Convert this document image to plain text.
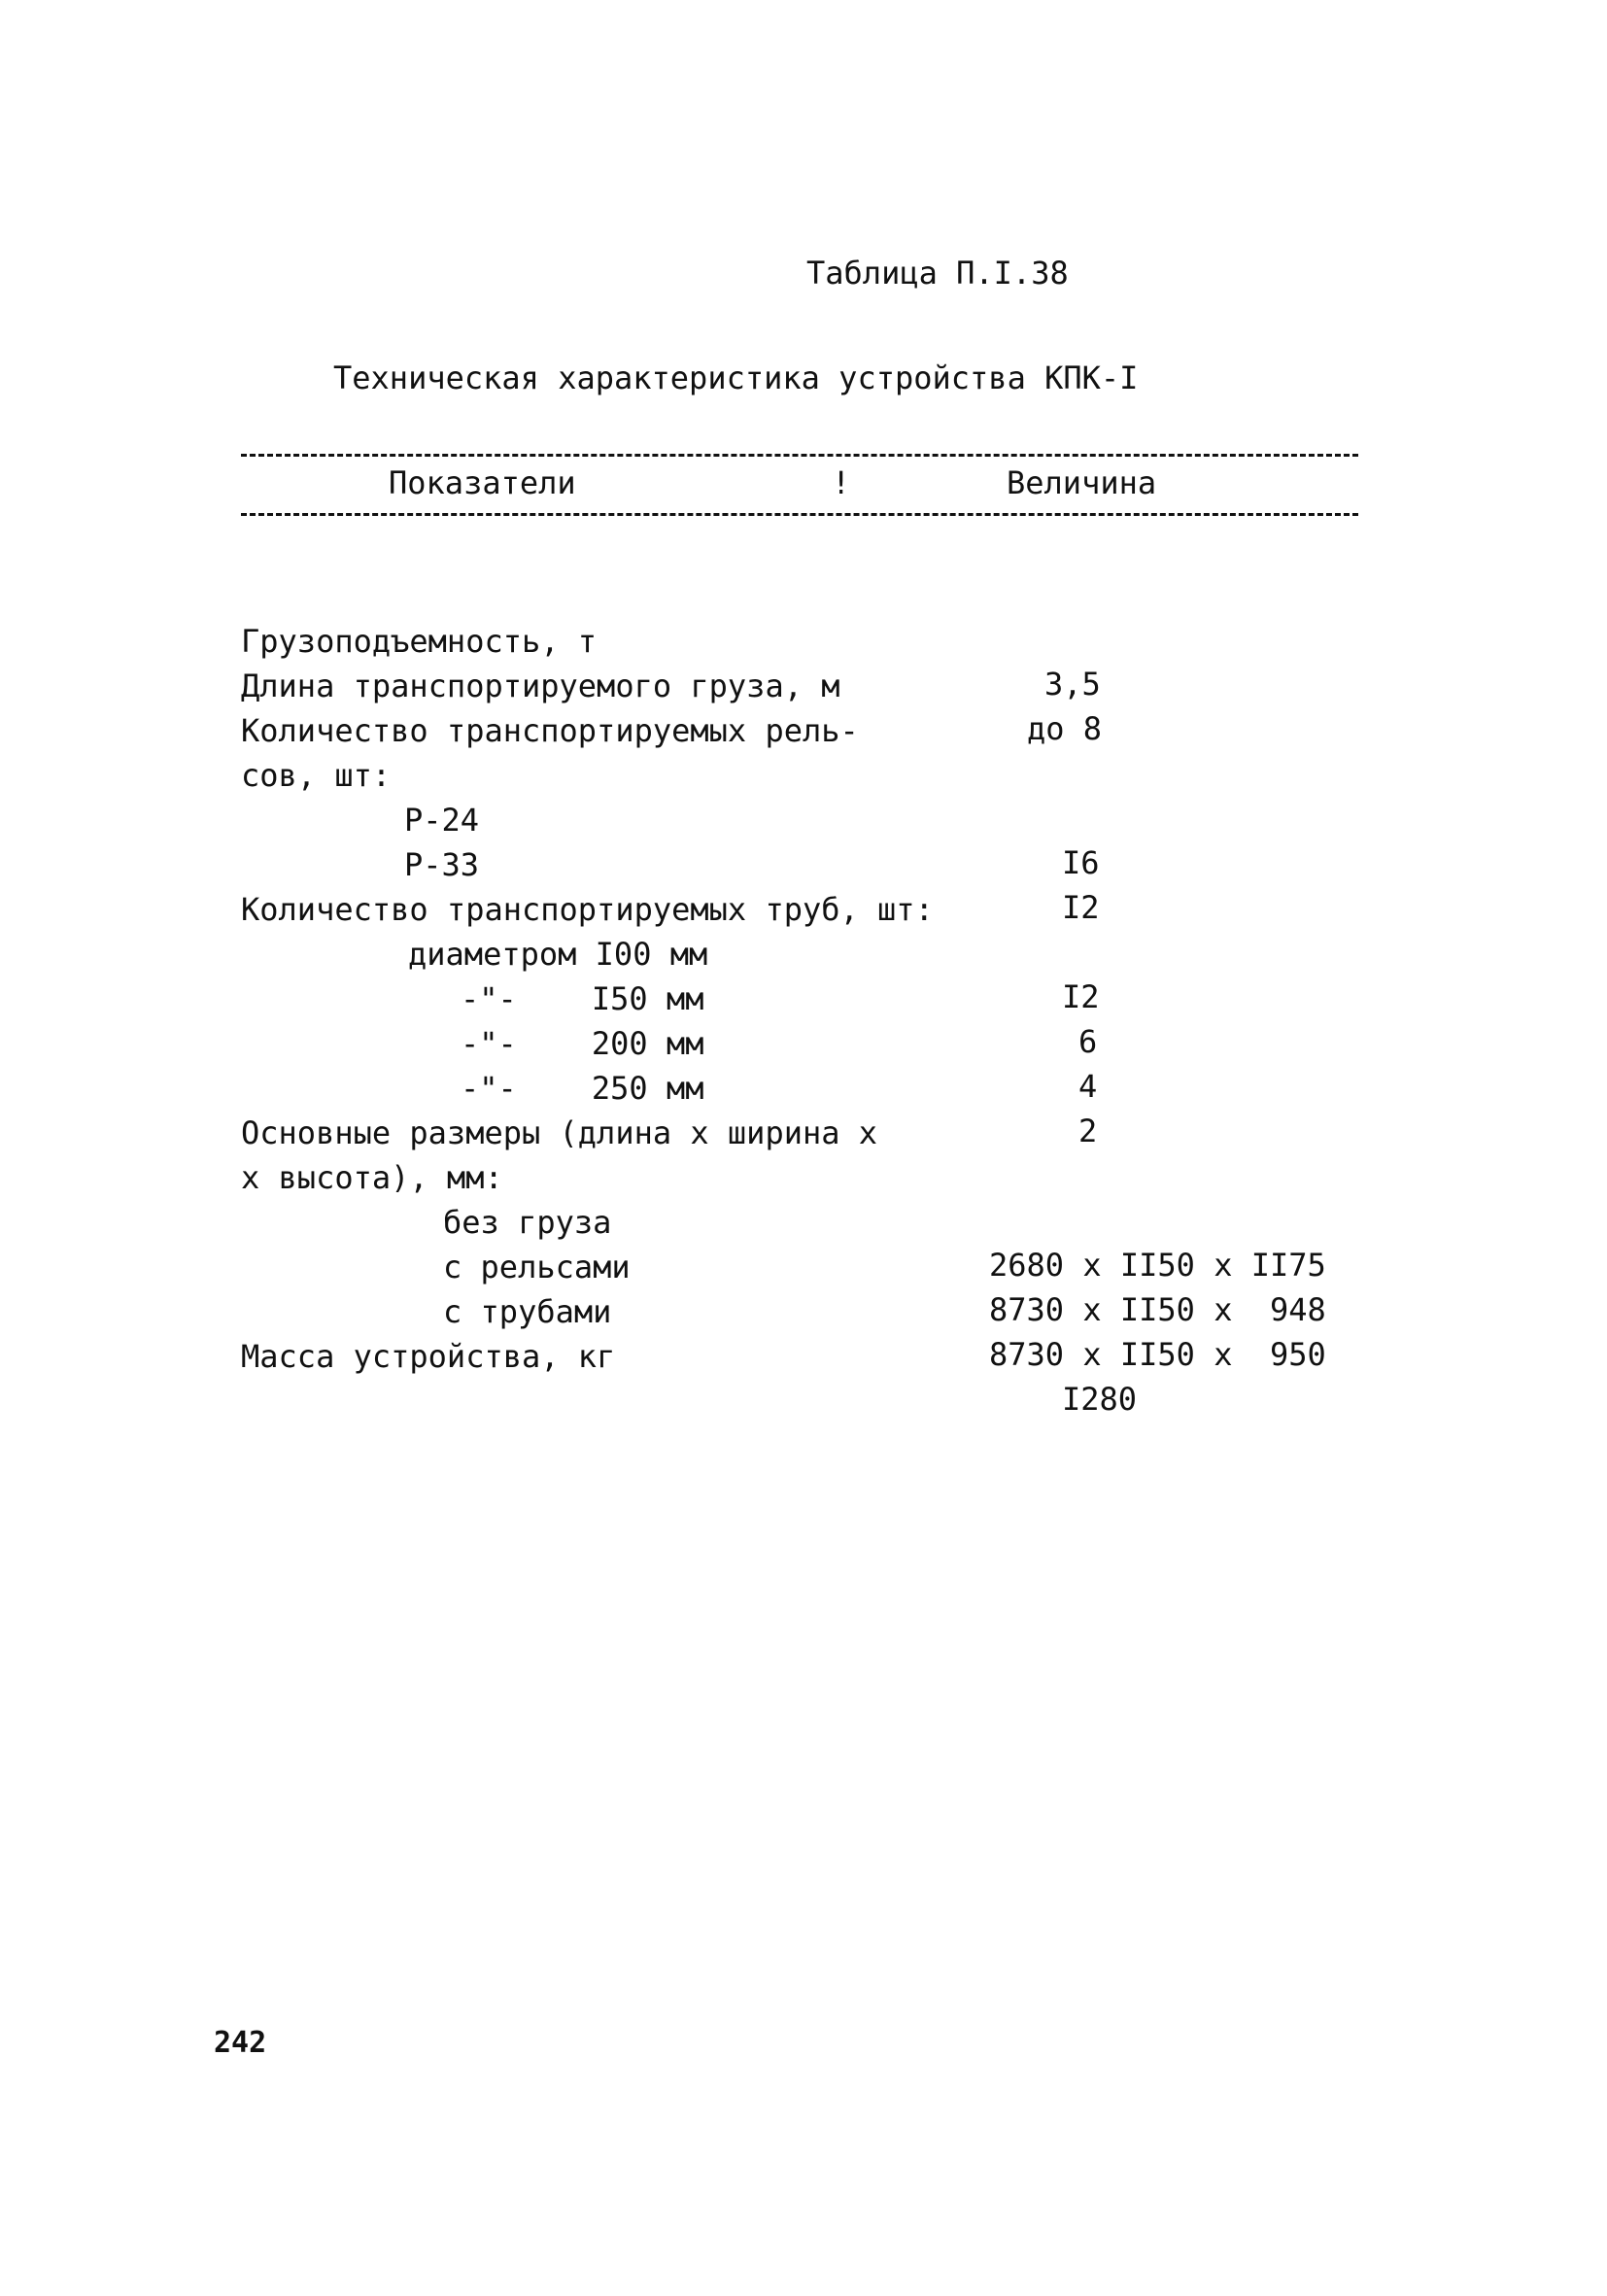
Таблица П.I.38
Техническая характеристика устройства КПК-I
Показатели	!	Величина

Грузоподъемность, т

3,5

Длина транспортируемого груза, м

до 8

Количество транспортируемых рель-

сов, шт:

Р-24

I6

Р-33

I2

Количество транспортируемых труб, шт:

диаметром I00 мм

I2

-"-    I50 мм

6

-"-    200 мм

4

-"-    250 мм

2

Основные размеры (длина х ширина х

х высота), мм:

без груза

2680 х II50 х II75

с рельсами

8730 х II50 х  948

с трубами

8730 х II50 х  950

Масса устройства, кг

I280

242
